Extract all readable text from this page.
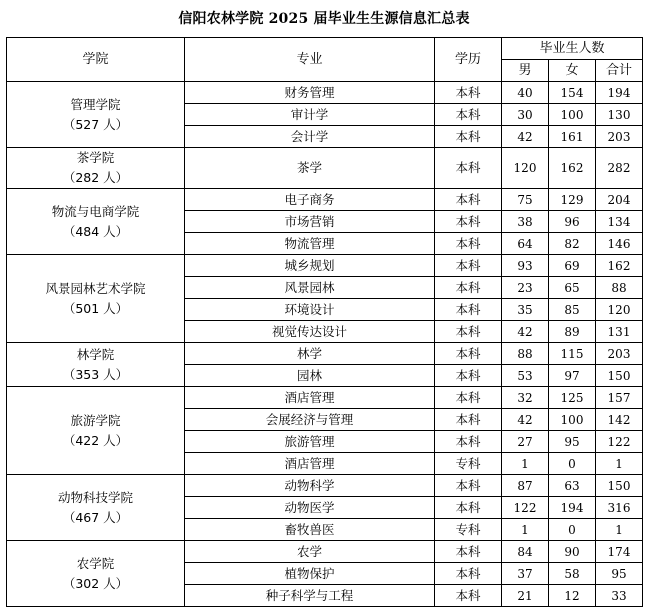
信阳农林学院 2025 届毕业生生源信息汇总表
学院	专业	学历	毕业生人数		
			男	女	合计

管理学院
（527 人）	财务管理	本科	40	154	194
	审计学	本科	30	100	130
	会计学	本科	42	161	203

茶学院
（282 人）	茶学	本科	120	162	282

物流与电商学院
（484 人）	电子商务	本科	75	129	204
	市场营销	本科	38	96	134
	物流管理	本科	64	82	146

风景园林艺术学院
（501 人）	城乡规划	本科	93	69	162
	风景园林	本科	23	65	88
	环境设计	本科	35	85	120
	视觉传达设计	本科	42	89	131

林学院
（353 人）	林学	本科	88	115	203
	园林	本科	53	97	150

旅游学院
（422 人）	酒店管理	本科	32	125	157
	会展经济与管理	本科	42	100	142
	旅游管理	本科	27	95	122
	酒店管理	专科	1	0	1

动物科技学院
（467 人）	动物科学	本科	87	63	150
	动物医学	本科	122	194	316
	畜牧兽医	专科	1	0	1

农学院
（302 人）	农学	本科	84	90	174
	植物保护	本科	37	58	95
	种子科学与工程	本科	21	12	33
